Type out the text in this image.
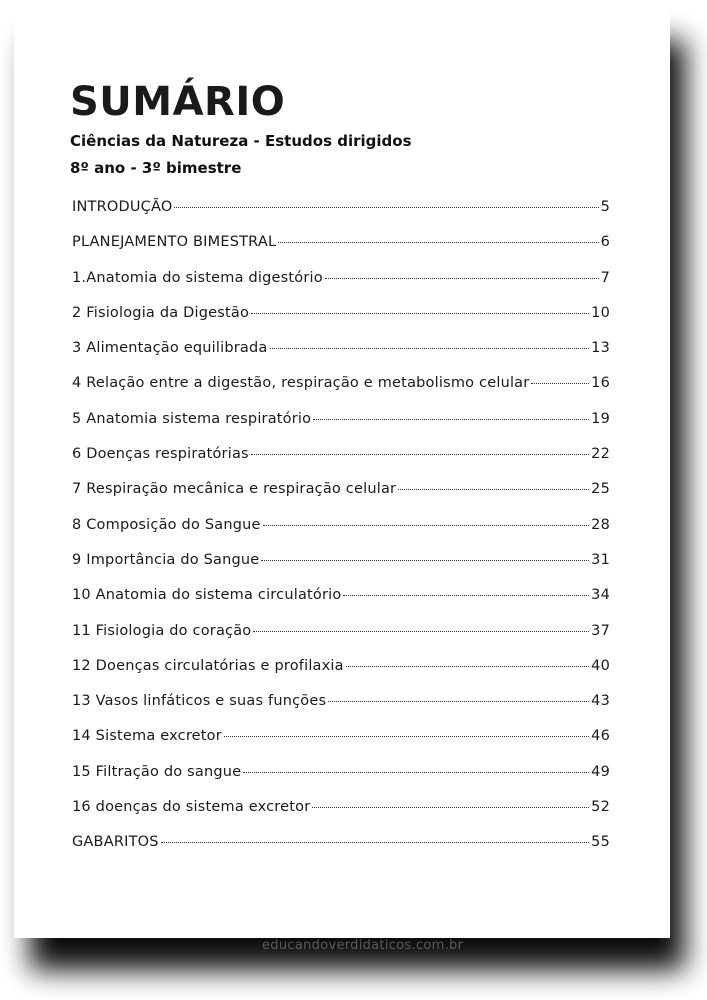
SUMÁRIO
Ciências da Natureza - Estudos dirigidos
8º ano - 3º bimestre
INTRODUÇÃO	5
PLANEJAMENTO BIMESTRAL	6
1.Anatomia do sistema digestório	7
2 Fisiologia da Digestão	10
3 Alimentação equilibrada	13
4 Relação entre a digestão, respiração e metabolismo celular	16
5 Anatomia sistema respiratório	19
6 Doenças respiratórias	22
7 Respiração mecânica e respiração celular	25
8 Composição do Sangue	28
9 Importância do Sangue	31
10 Anatomia do sistema circulatório	34
11 Fisiologia do coração	37
12 Doenças circulatórias e profilaxia	40
13 Vasos linfáticos e suas funções	43
14 Sistema excretor	46
15 Filtração do sangue	49
16 doenças do sistema excretor	52
GABARITOS	55
educandoverdidaticos.com.br
